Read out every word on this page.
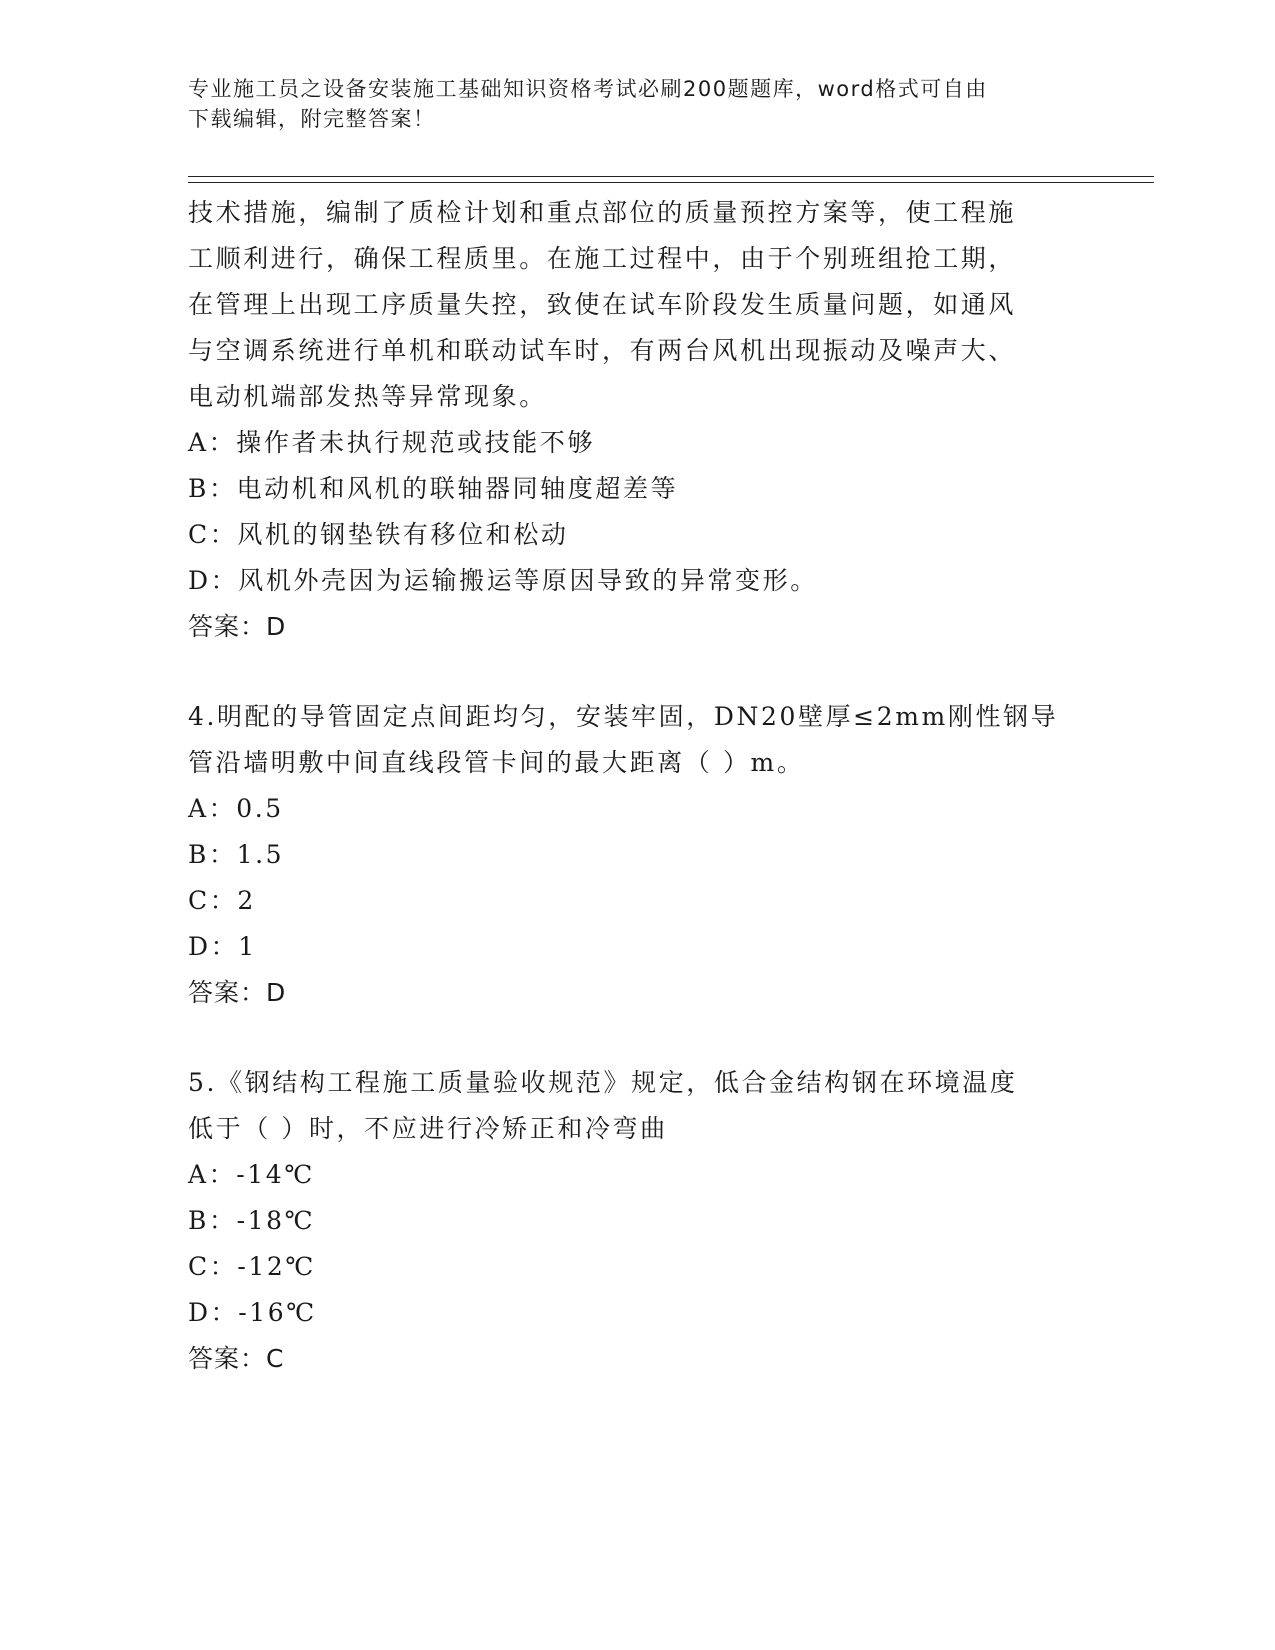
专业施工员之设备安装施工基础知识资格考试必刷200题题库，word格式可自由
下载编辑，附完整答案！

技术措施，编制了质检计划和重点部位的质量预控方案等，使工程施

工顺利进行，确保工程质里。在施工过程中，由于个别班组抢工期，

在管理上出现工序质量失控，致使在试车阶段发生质量问题，如通风

与空调系统进行单机和联动试车时，有两台风机出现振动及噪声大、

电动机端部发热等异常现象。

A：操作者未执行规范或技能不够

B：电动机和风机的联轴器同轴度超差等

C：风机的钢垫铁有移位和松动

D：风机外壳因为运输搬运等原因导致的异常变形。

答案：D

4.明配的导管固定点间距均匀，安装牢固，DN20壁厚≤2mm刚性钢导

管沿墙明敷中间直线段管卡间的最大距离（ ）m。

A：0.5

B：1.5

C：2

D：1

答案：D

5.《钢结构工程施工质量验收规范》规定，低合金结构钢在环境温度

低于（ ）时，不应进行冷矫正和冷弯曲

A：-14℃

B：-18℃

C：-12℃

D：-16℃

答案：C
